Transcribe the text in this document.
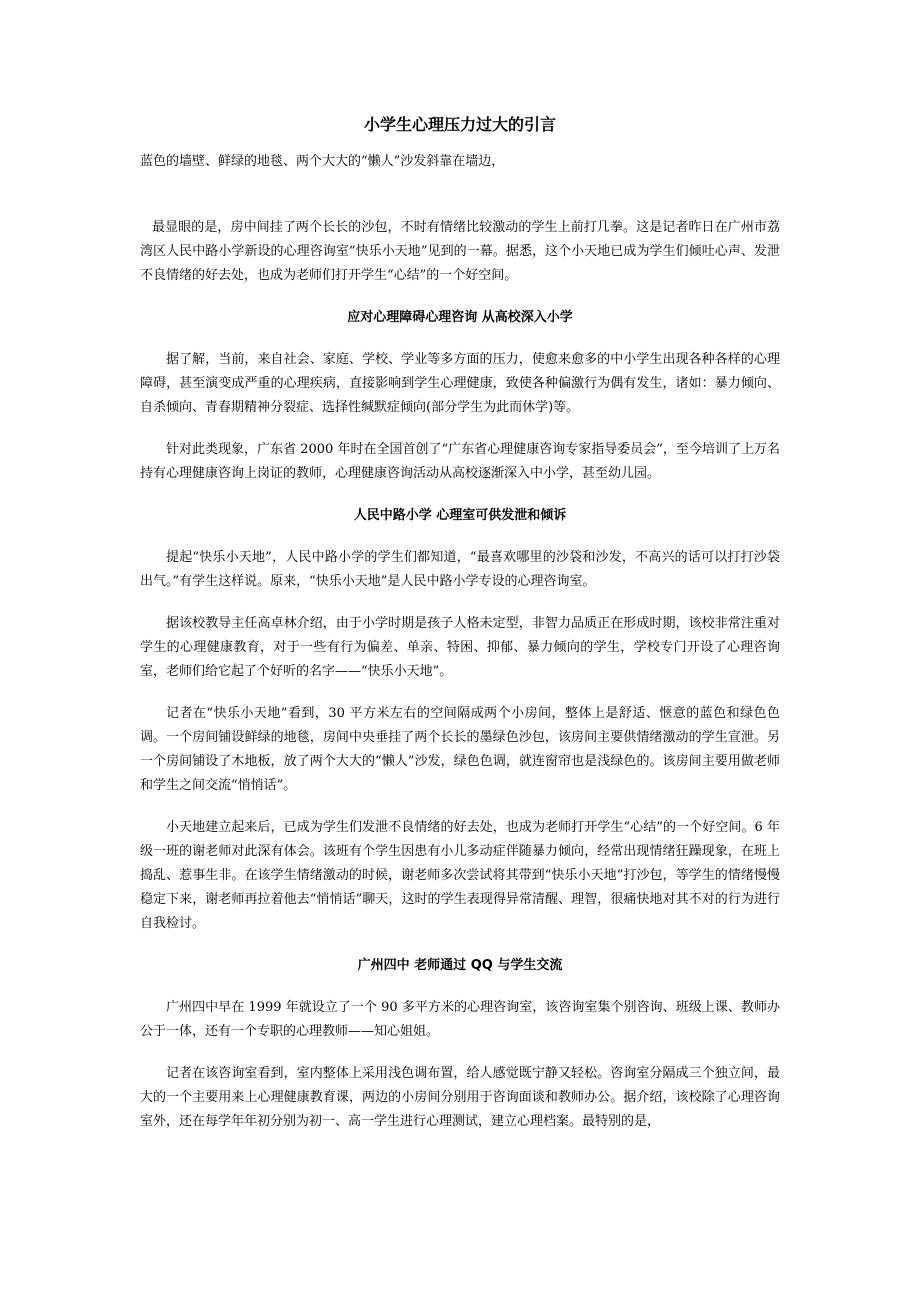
小学生心理压力过大的引言

蓝色的墙壁、鲜绿的地毯、两个大大的“懒人”沙发斜靠在墙边，

最显眼的是，房中间挂了两个长长的沙包，不时有情绪比较激动的学生上前打几拳。这是记者昨日在广州市荔湾区人民中路小学新设的心理咨询室“快乐小天地”见到的一幕。据悉，这个小天地已成为学生们倾吐心声、发泄不良情绪的好去处，也成为老师们打开学生“心结”的一个好空间。

应对心理障碍心理咨询 从高校深入小学

据了解，当前，来自社会、家庭、学校、学业等多方面的压力，使愈来愈多的中小学生出现各种各样的心理障碍，甚至演变成严重的心理疾病，直接影响到学生心理健康，致使各种偏激行为偶有发生，诸如：暴力倾向、自杀倾向、青春期精神分裂症、选择性缄默症倾向(部分学生为此而休学)等。

针对此类现象，广东省 2000 年时在全国首创了“广东省心理健康咨询专家指导委员会”，至今培训了上万名持有心理健康咨询上岗证的教师，心理健康咨询活动从高校逐渐深入中小学，甚至幼儿园。

人民中路小学 心理室可供发泄和倾诉

提起“快乐小天地”，人民中路小学的学生们都知道，“最喜欢哪里的沙袋和沙发，不高兴的话可以打打沙袋出气。”有学生这样说。原来，“快乐小天地”是人民中路小学专设的心理咨询室。

据该校教导主任高卓林介绍，由于小学时期是孩子人格未定型，非智力品质正在形成时期，该校非常注重对学生的心理健康教育，对于一些有行为偏差、单亲、特困、抑郁、暴力倾向的学生，学校专门开设了心理咨询室，老师们给它起了个好听的名字——“快乐小天地”。

记者在“快乐小天地”看到，30 平方米左右的空间隔成两个小房间，整体上是舒适、惬意的蓝色和绿色色调。一个房间铺设鲜绿的地毯，房间中央垂挂了两个长长的墨绿色沙包，该房间主要供情绪激动的学生宣泄。另一个房间铺设了木地板，放了两个大大的“懒人”沙发，绿色色调，就连窗帘也是浅绿色的。该房间主要用做老师和学生之间交流“悄悄话”。

小天地建立起来后，已成为学生们发泄不良情绪的好去处，也成为老师打开学生“心结”的一个好空间。6 年级一班的谢老师对此深有体会。该班有个学生因患有小儿多动症伴随暴力倾向，经常出现情绪狂躁现象，在班上捣乱、惹事生非。在该学生情绪激动的时候，谢老师多次尝试将其带到“快乐小天地”打沙包，等学生的情绪慢慢稳定下来，谢老师再拉着他去“悄悄话”聊天，这时的学生表现得异常清醒、理智，很痛快地对其不对的行为进行自我检讨。

广州四中 老师通过 QQ 与学生交流

广州四中早在 1999 年就设立了一个 90 多平方米的心理咨询室，该咨询室集个别咨询、班级上课、教师办公于一体，还有一个专职的心理教师——知心姐姐。

记者在该咨询室看到，室内整体上采用浅色调布置，给人感觉既宁静又轻松。咨询室分隔成三个独立间，最大的一个主要用来上心理健康教育课，两边的小房间分别用于咨询面谈和教师办公。据介绍，该校除了心理咨询室外，还在每学年年初分别为初一、高一学生进行心理测试，建立心理档案。最特别的是，
